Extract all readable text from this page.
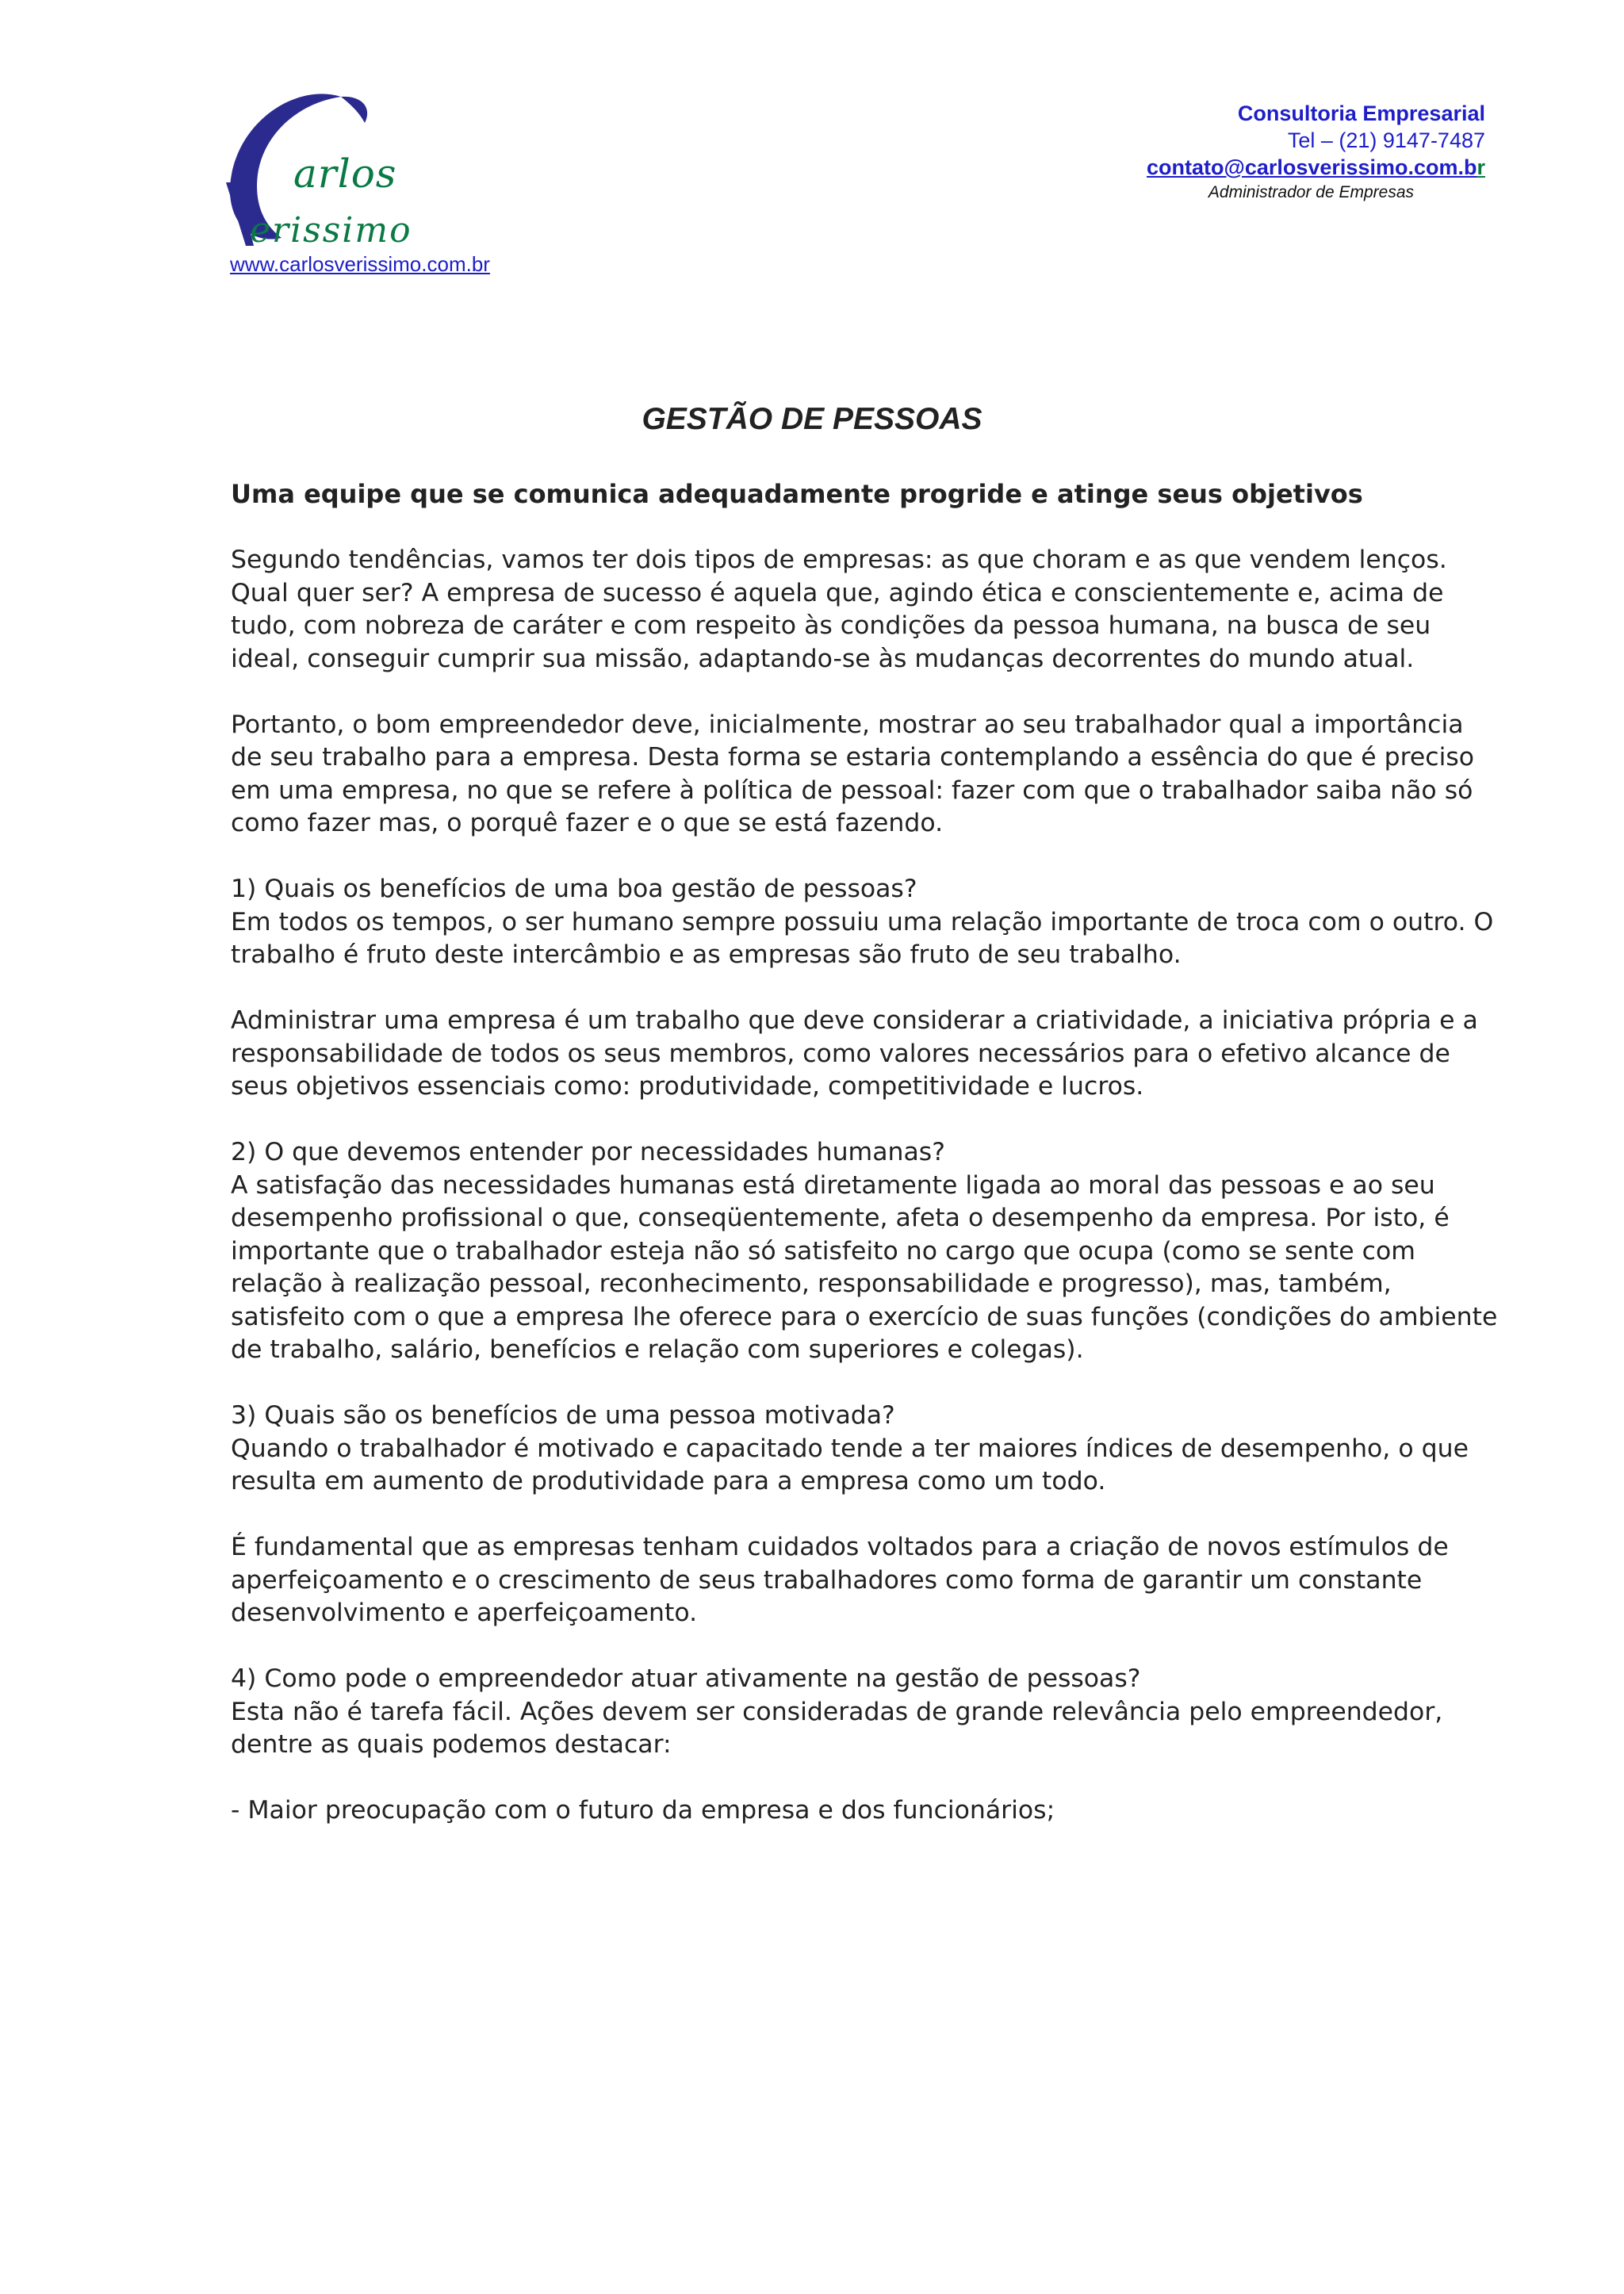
arlos
erissimo
www.carlosverissimo.com.br
Consultoria Empresarial
Tel – (21) 9147-7487
contato@carlosverissimo.com.br
Administrador de Empresas
GESTÃO DE PESSOAS

Uma equipe que se comunica adequadamente progride e atinge seus objetivos

Segundo tendências, vamos ter dois tipos de empresas: as que choram e as que vendem lenços. Qual quer ser? A empresa de sucesso é aquela que, agindo ética e conscientemente e, acima de tudo, com nobreza de caráter e com respeito às condições da pessoa humana, na busca de seu ideal, conseguir cumprir sua missão, adaptando-se às mudanças decorrentes do mundo atual.

Portanto, o bom empreendedor deve, inicialmente, mostrar ao seu trabalhador qual a importância de seu trabalho para a empresa. Desta forma se estaria contemplando a essência do que é preciso em uma empresa, no que se refere à política de pessoal: fazer com que o trabalhador saiba não só como fazer mas, o porquê fazer e o que se está fazendo.

1) Quais os benefícios de uma boa gestão de pessoas?
Em todos os tempos, o ser humano sempre possuiu uma relação importante de troca com o outro. O trabalho é fruto deste intercâmbio e as empresas são fruto de seu trabalho.

Administrar uma empresa é um trabalho que deve considerar a criatividade, a iniciativa própria e a responsabilidade de todos os seus membros, como valores necessários para o efetivo alcance de seus objetivos essenciais como: produtividade, competitividade e lucros.

2) O que devemos entender por necessidades humanas?
A satisfação das necessidades humanas está diretamente ligada ao moral das pessoas e ao seu desempenho profissional o que, conseqüentemente, afeta o desempenho da empresa. Por isto, é importante que o trabalhador esteja não só satisfeito no cargo que ocupa (como se sente com relação à realização pessoal, reconhecimento, responsabilidade e progresso), mas, também, satisfeito com o que a empresa lhe oferece para o exercício de suas funções (condições do ambiente de trabalho, salário, benefícios e relação com superiores e colegas).

3) Quais são os benefícios de uma pessoa motivada?
Quando o trabalhador é motivado e capacitado tende a ter maiores índices de desempenho, o que resulta em aumento de produtividade para a empresa como um todo.

É fundamental que as empresas tenham cuidados voltados para a criação de novos estímulos de aperfeiçoamento e o crescimento de seus trabalhadores como forma de garantir um constante desenvolvimento e aperfeiçoamento.

4) Como pode o empreendedor atuar ativamente na gestão de pessoas?
Esta não é tarefa fácil. Ações devem ser consideradas de grande relevância pelo empreendedor, dentre as quais podemos destacar:

- Maior preocupação com o futuro da empresa e dos funcionários;
